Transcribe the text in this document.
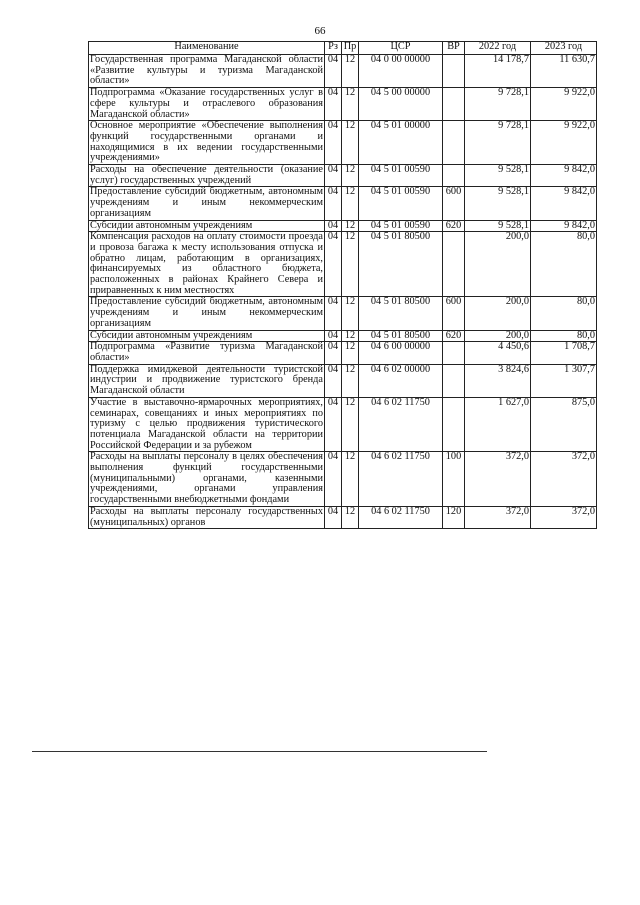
66
Наименование	Рз	Пр	ЦСР	ВР	2022 год	2023 год
Государственная программа Магаданской области «Развитие культуры и туризма Магаданской области»	04	12	04 0 00 00000		14 178,7	11 630,7
Подпрограмма «Оказание государственных услуг в сфере культуры и отраслевого образования Магаданской области»	04	12	04 5 00 00000		9 728,1	9 922,0
Основное мероприятие «Обеспечение выполнения функций государственными органами и находящимися в их ведении государственными учреждениями»	04	12	04 5 01 00000		9 728,1	9 922,0
Расходы на обеспечение деятельности (оказание услуг) государственных учреждений	04	12	04 5 01 00590		9 528,1	9 842,0
Предоставление субсидий бюджетным, автономным учреждениям и иным некоммерческим организациям	04	12	04 5 01 00590	600	9 528,1	9 842,0
Субсидии автономным учреждениям	04	12	04 5 01 00590	620	9 528,1	9 842,0
Компенсация расходов на оплату стоимости проезда и провоза багажа к месту использования отпуска и обратно лицам, работающим в организациях, финансируемых из областного бюджета, расположенных в районах Крайнего Севера и приравненных к ним местностях	04	12	04 5 01 80500		200,0	80,0
Предоставление субсидий бюджетным, автономным учреждениям и иным некоммерческим организациям	04	12	04 5 01 80500	600	200,0	80,0
Субсидии автономным учреждениям	04	12	04 5 01 80500	620	200,0	80,0
Подпрограмма «Развитие туризма Магаданской области»	04	12	04 6 00 00000		4 450,6	1 708,7
Поддержка имиджевой деятельности туристской индустрии и продвижение туристского бренда Магаданской области	04	12	04 6 02 00000		3 824,6	1 307,7
Участие в выставочно-ярмарочных мероприятиях, семинарах, совещаниях и иных мероприятиях по туризму с целью продвижения туристического потенциала Магаданской области на территории Российской Федерации и за рубежом	04	12	04 6 02 11750		1 627,0	875,0
Расходы на выплаты персоналу в целях обеспечения выполнения функций государственными (муниципальными) органами, казенными учреждениями, органами управления государственными внебюджетными фондами	04	12	04 6 02 11750	100	372,0	372,0
Расходы на выплаты персоналу государственных (муниципальных) органов	04	12	04 6 02 11750	120	372,0	372,0
